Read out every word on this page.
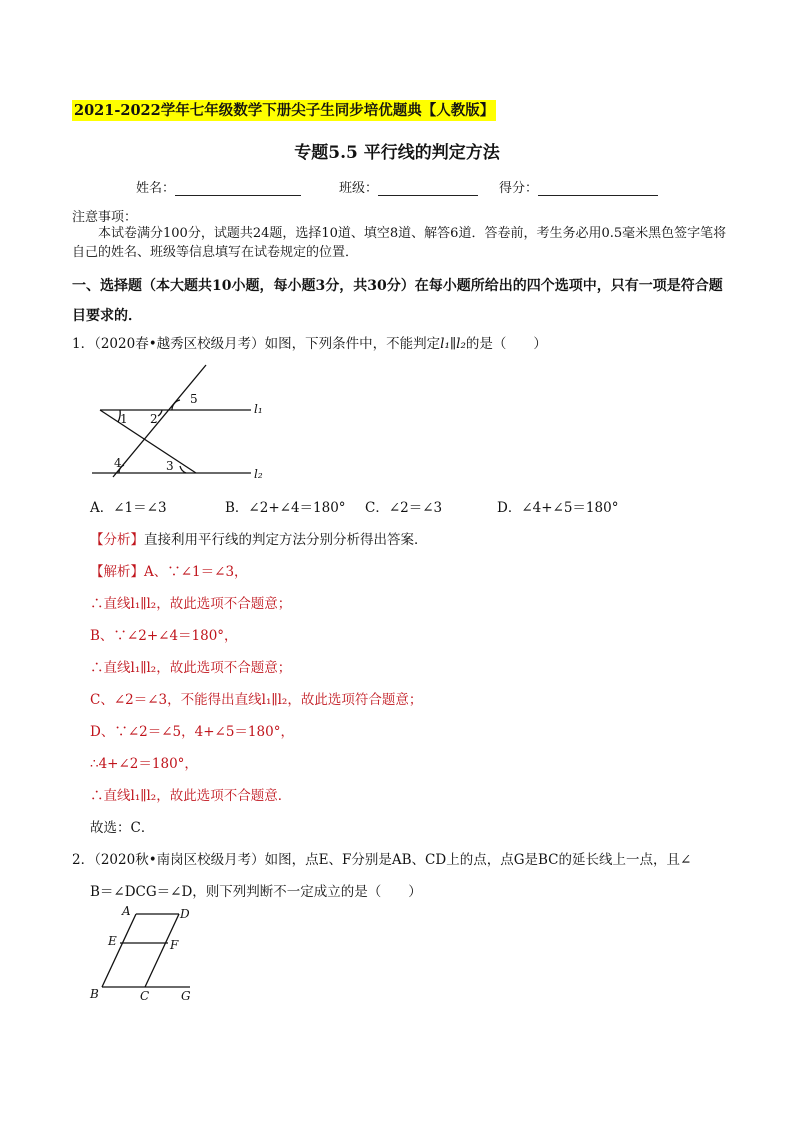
2021-2022学年七年级数学下册尖子生同步培优题典【人教版】
专题5.5 平行线的判定方法
姓名：	班级：	得分：
注意事项：
本试卷满分100分，试题共24题，选择10道、填空8道、解答6道．答卷前，考生务必用0.5毫米黑色签字笔将自己的姓名、班级等信息填写在试卷规定的位置．
一、选择题（本大题共10小题，每小题3分，共30分）在每小题所给出的四个选项中，只有一项是符合题目要求的．
1．（2020春•越秀区校级月考）如图，下列条件中，不能判定l₁∥l₂的是（　　）
1 2
3
4
5
l₁
l₂
A．∠1＝∠3	B．∠2+∠4＝180° C．∠2＝∠3	D．∠4+∠5＝180°
【分析】直接利用平行线的判定方法分别分析得出答案．
【解析】A、∵∠1＝∠3，
∴直线l₁∥l₂，故此选项不合题意；
B、∵∠2+∠4＝180°，
∴直线l₁∥l₂，故此选项不合题意；
C、∠2＝∠3，不能得出直线l₁∥l₂，故此选项符合题意；
D、∵∠2＝∠5，4+∠5＝180°，
∴4+∠2＝180°，
∴直线l₁∥l₂，故此选项不合题意．
故选：C．
2．（2020秋•南岗区校级月考）如图，点E、F分别是AB、CD上的点，点G是BC的延长线上一点，且∠
B＝∠DCG＝∠D，则下列判断不一定成立的是（　　）
A	D
E	F
B	C	G
